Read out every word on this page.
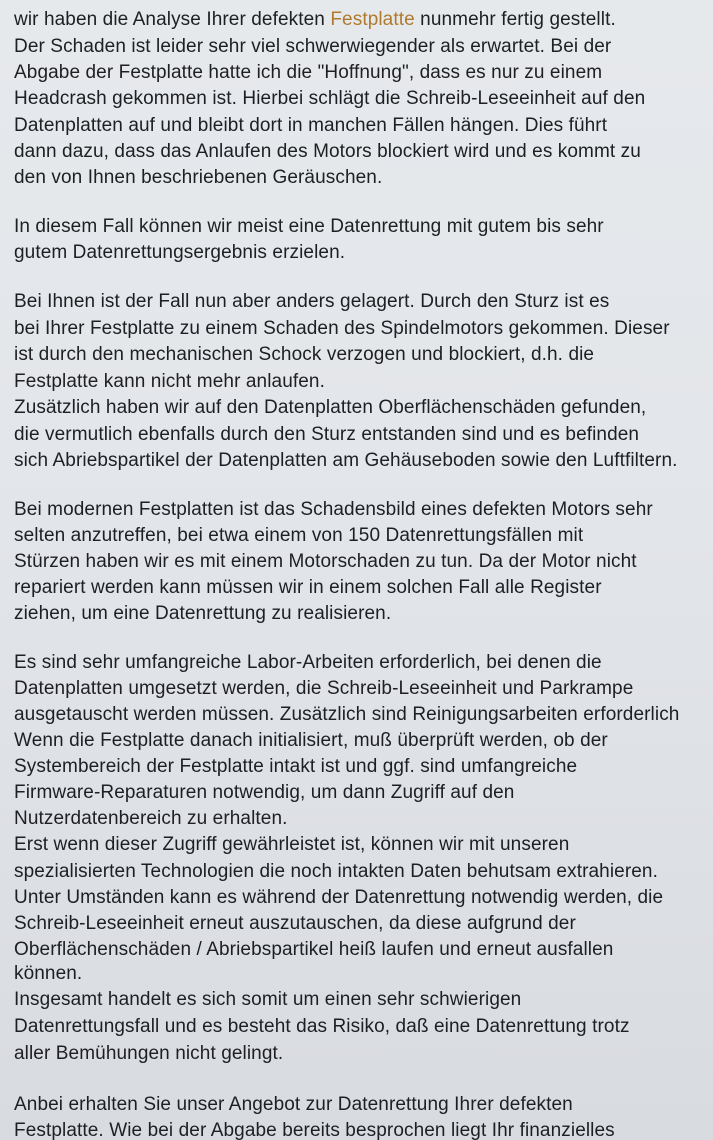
wir haben die Analyse Ihrer defekten Festplatte nunmehr fertig gestellt.
Der Schaden ist leider sehr viel schwerwiegender als erwartet. Bei der
Abgabe der Festplatte hatte ich die "Hoffnung", dass es nur zu einem
Headcrash gekommen ist. Hierbei schlägt die Schreib-Leseeinheit auf den
Datenplatten auf und bleibt dort in manchen Fällen hängen. Dies führt
dann dazu, dass das Anlaufen des Motors blockiert wird und es kommt zu
den von Ihnen beschriebenen Geräuschen.
In diesem Fall können wir meist eine Datenrettung mit gutem bis sehr
gutem Datenrettungsergebnis erzielen.
Bei Ihnen ist der Fall nun aber anders gelagert. Durch den Sturz ist es
bei Ihrer Festplatte zu einem Schaden des Spindelmotors gekommen. Dieser
ist durch den mechanischen Schock verzogen und blockiert, d.h. die
Festplatte kann nicht mehr anlaufen.
Zusätzlich haben wir auf den Datenplatten Oberflächenschäden gefunden,
die vermutlich ebenfalls durch den Sturz entstanden sind und es befinden
sich Abriebspartikel der Datenplatten am Gehäuseboden sowie den Luftfiltern.
Bei modernen Festplatten ist das Schadensbild eines defekten Motors sehr
selten anzutreffen, bei etwa einem von 150 Datenrettungsfällen mit
Stürzen haben wir es mit einem Motorschaden zu tun. Da der Motor nicht
repariert werden kann müssen wir in einem solchen Fall alle Register
ziehen, um eine Datenrettung zu realisieren.
Es sind sehr umfangreiche Labor-Arbeiten erforderlich, bei denen die
Datenplatten umgesetzt werden, die Schreib-Leseeinheit und Parkrampe
ausgetauscht werden müssen. Zusätzlich sind Reinigungsarbeiten erforderlich
Wenn die Festplatte danach initialisiert, muß überprüft werden, ob der
Systembereich der Festplatte intakt ist und ggf. sind umfangreiche
Firmware-Reparaturen notwendig, um dann Zugriff auf den
Nutzerdatenbereich zu erhalten.
Erst wenn dieser Zugriff gewährleistet ist, können wir mit unseren
spezialisierten Technologien die noch intakten Daten behutsam extrahieren.
Unter Umständen kann es während der Datenrettung notwendig werden, die
Schreib-Leseeinheit erneut auszutauschen, da diese aufgrund der
Oberflächenschäden / Abriebspartikel heiß laufen und erneut ausfallen
können.
Insgesamt handelt es sich somit um einen sehr schwierigen
Datenrettungsfall und es besteht das Risiko, daß eine Datenrettung trotz
aller Bemühungen nicht gelingt.
Anbei erhalten Sie unser Angebot zur Datenrettung Ihrer defekten
Festplatte. Wie bei der Abgabe bereits besprochen liegt Ihr finanzielles
